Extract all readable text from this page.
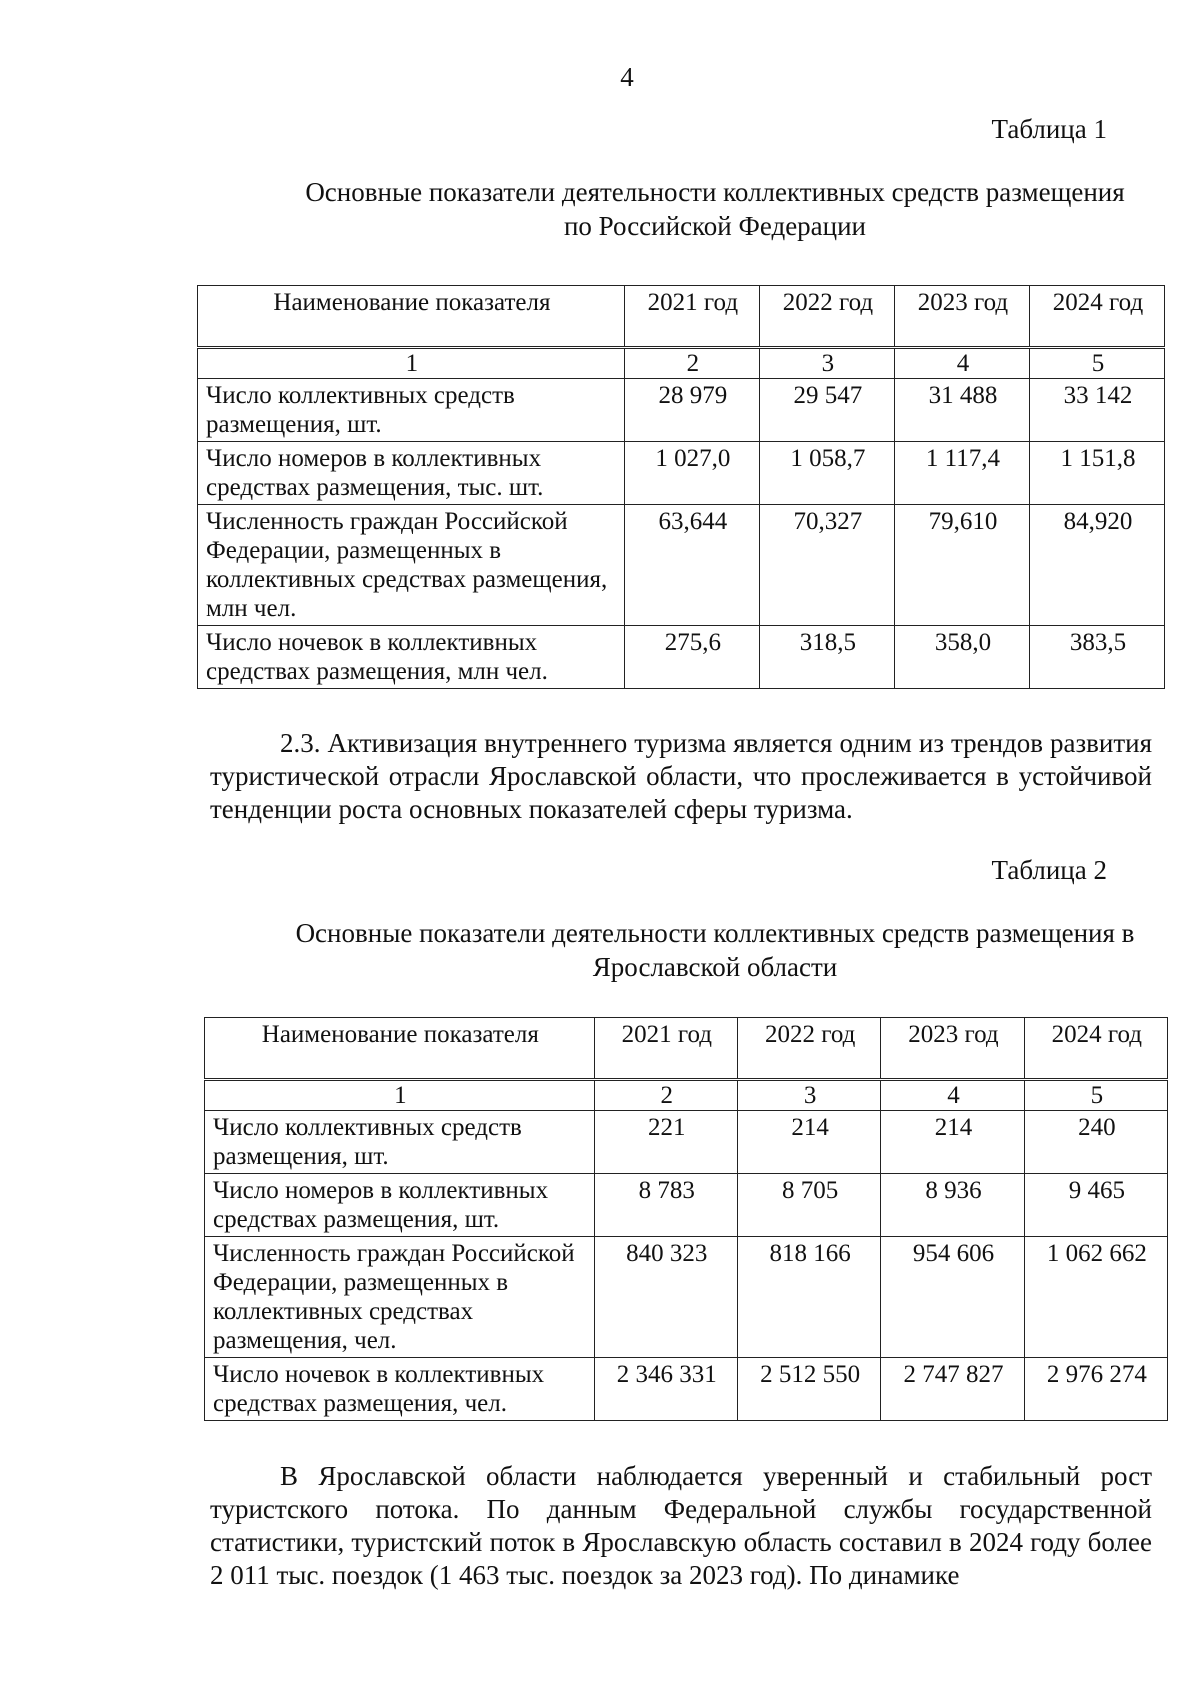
4
Таблица 1
Основные показатели деятельности коллективных средств размещения
по Российской Федерации
Наименование показателя	2021 год	2022 год	2023 год	2024 год
1	2	3	4	5
Число коллективных средств размещения, шт.	28 979	29 547	31 488	33 142
Число номеров в коллективных средствах размещения, тыс. шт.	1 027,0	1 058,7	1 117,4	1 151,8
Численность граждан Российской Федерации, размещенных в коллективных средствах размещения, млн чел.	63,644	70,327	79,610	84,920
Число ночевок в коллективных средствах размещения, млн чел.	275,6	318,5	358,0	383,5
2.3. Активизация внутреннего туризма является одним из трендов развития туристической отрасли Ярославской области, что прослеживается в устойчивой тенденции роста основных показателей сферы туризма.
Таблица 2
Основные показатели деятельности коллективных средств размещения в
Ярославской области
Наименование показателя	2021 год	2022 год	2023 год	2024 год
1	2	3	4	5
Число коллективных средств размещения, шт.	221	214	214	240
Число номеров в коллективных средствах размещения, шт.	8 783	8 705	8 936	9 465
Численность граждан Российской Федерации, размещенных в коллективных средствах размещения, чел.	840 323	818 166	954 606	1 062 662
Число ночевок в коллективных средствах размещения, чел.	2 346 331	2 512 550	2 747 827	2 976 274
В Ярославской области наблюдается уверенный и стабильный рост туристского потока. По данным Федеральной службы государственной статистики, туристский поток в Ярославскую область составил в 2024 году более 2 011 тыс. поездок (1 463 тыс. поездок за 2023 год). По динамике
